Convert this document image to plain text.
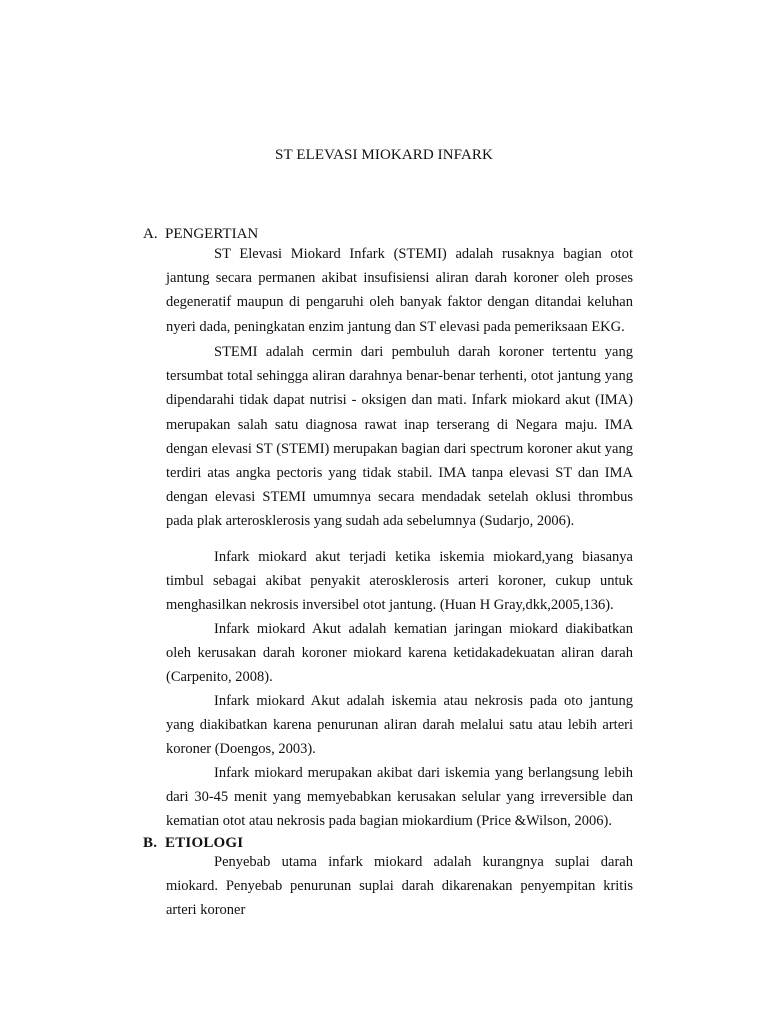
ST ELEVASI MIOKARD INFARK
A. PENGERTIAN

ST Elevasi Miokard Infark (STEMI) adalah rusaknya bagian otot jantung secara permanen akibat insufisiensi aliran darah koroner oleh proses degeneratif maupun di pengaruhi oleh banyak faktor dengan ditandai keluhan nyeri dada, peningkatan enzim jantung dan ST elevasi pada pemeriksaan EKG.

STEMI adalah cermin dari pembuluh darah koroner tertentu yang tersumbat total sehingga aliran darahnya benar-benar terhenti, otot jantung yang dipendarahi tidak dapat nutrisi - oksigen dan mati. Infark miokard akut (IMA) merupakan salah satu diagnosa rawat inap terserang di Negara maju. IMA dengan elevasi ST (STEMI) merupakan bagian dari spectrum koroner akut yang terdiri atas angka pectoris yang tidak stabil. IMA tanpa elevasi ST dan IMA dengan elevasi STEMI umumnya secara mendadak setelah oklusi thrombus pada plak arterosklerosis yang sudah ada sebelumnya (Sudarjo, 2006).

Infark miokard akut terjadi ketika iskemia miokard,yang biasanya timbul sebagai akibat penyakit aterosklerosis arteri koroner, cukup untuk menghasilkan nekrosis inversibel otot jantung. (Huan H Gray,dkk,2005,136).

Infark miokard Akut adalah kematian jaringan miokard diakibatkan oleh kerusakan darah koroner miokard karena ketidakadekuatan aliran darah (Carpenito, 2008).

Infark miokard Akut adalah iskemia atau nekrosis pada oto jantung yang diakibatkan karena penurunan aliran darah melalui satu atau lebih arteri koroner (Doengos, 2003).

Infark miokard merupakan akibat dari iskemia yang berlangsung lebih dari 30-45 menit yang memyebabkan kerusakan selular yang irreversible dan kematian otot atau nekrosis pada bagian miokardium (Price &Wilson, 2006).

B. ETIOLOGI

Penyebab utama infark miokard adalah kurangnya suplai darah miokard. Penyebab penurunan suplai darah dikarenakan penyempitan kritis arteri koroner
